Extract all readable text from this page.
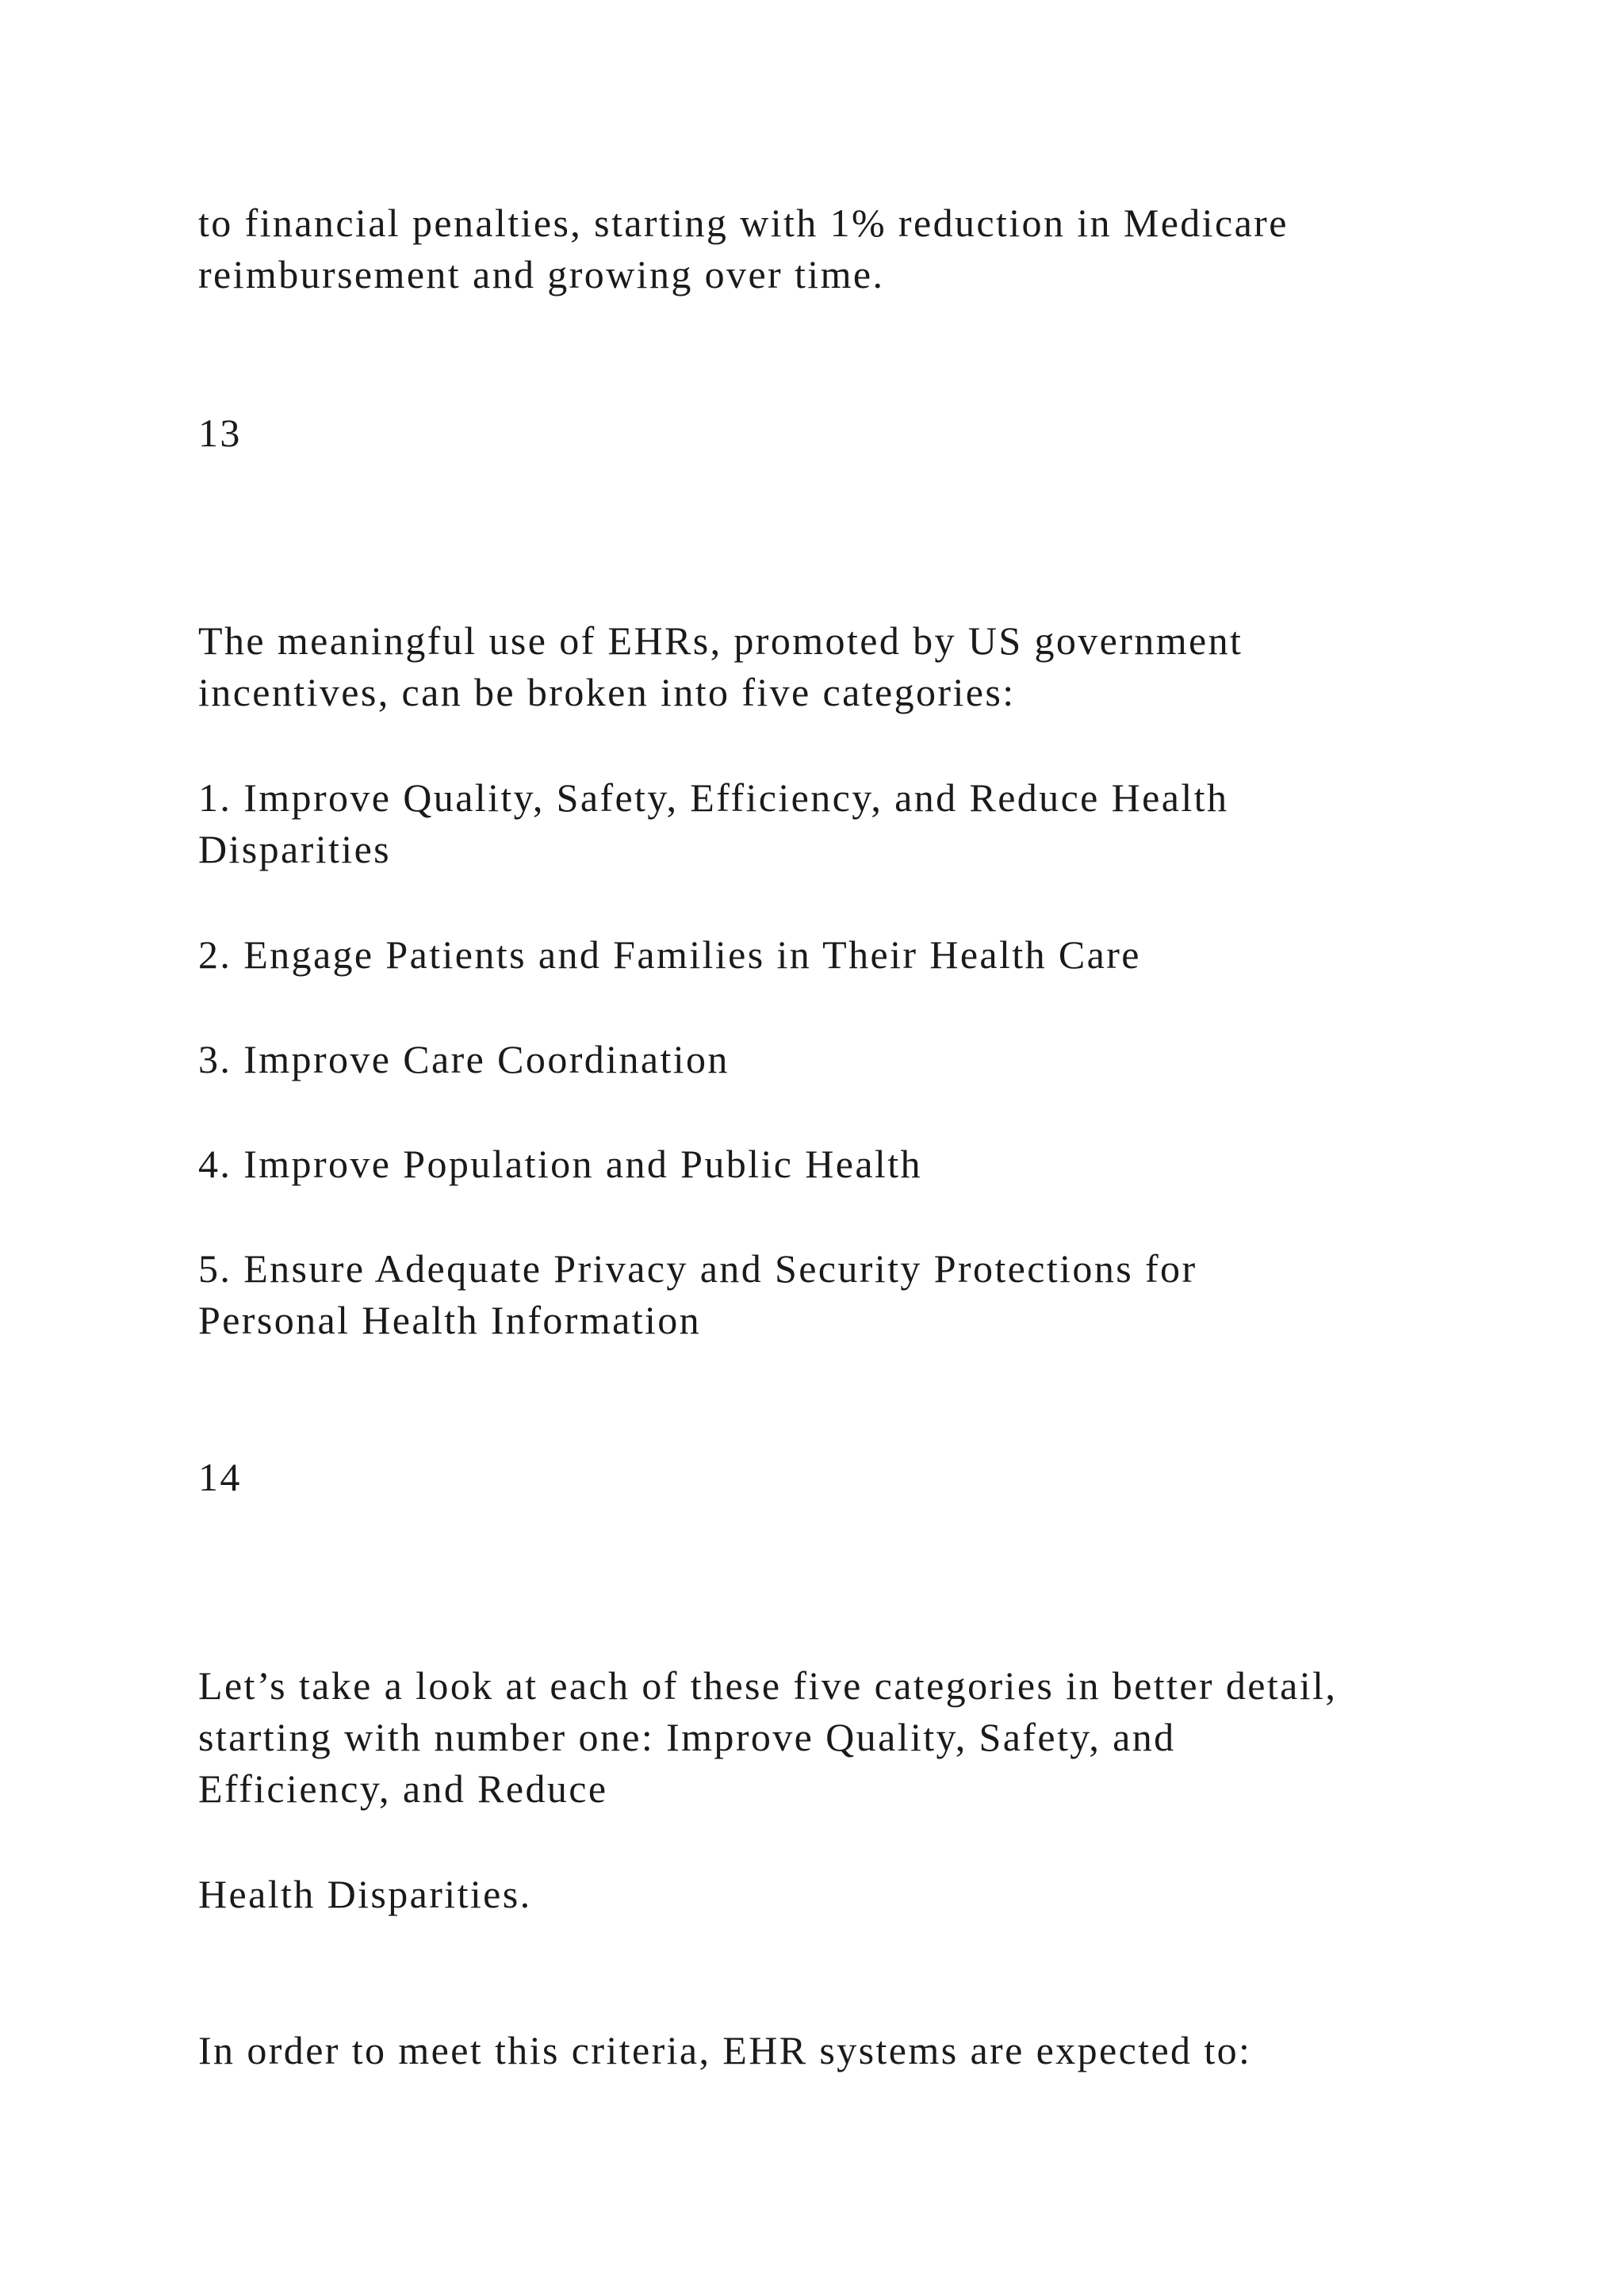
to financial penalties, starting with 1% reduction in Medicare

reimbursement and growing over time.

13

The meaningful use of EHRs, promoted by US government

incentives, can be broken into five categories:

1. Improve Quality, Safety, Efficiency, and Reduce Health

Disparities

2. Engage Patients and Families in Their Health Care

3. Improve Care Coordination

4. Improve Population and Public Health

5. Ensure Adequate Privacy and Security Protections for

Personal Health Information

14

Let’s take a look at each of these five categories in better detail,

starting with number one: Improve Quality, Safety, and

Efficiency, and Reduce

Health Disparities.

In order to meet this criteria, EHR systems are expected to:
